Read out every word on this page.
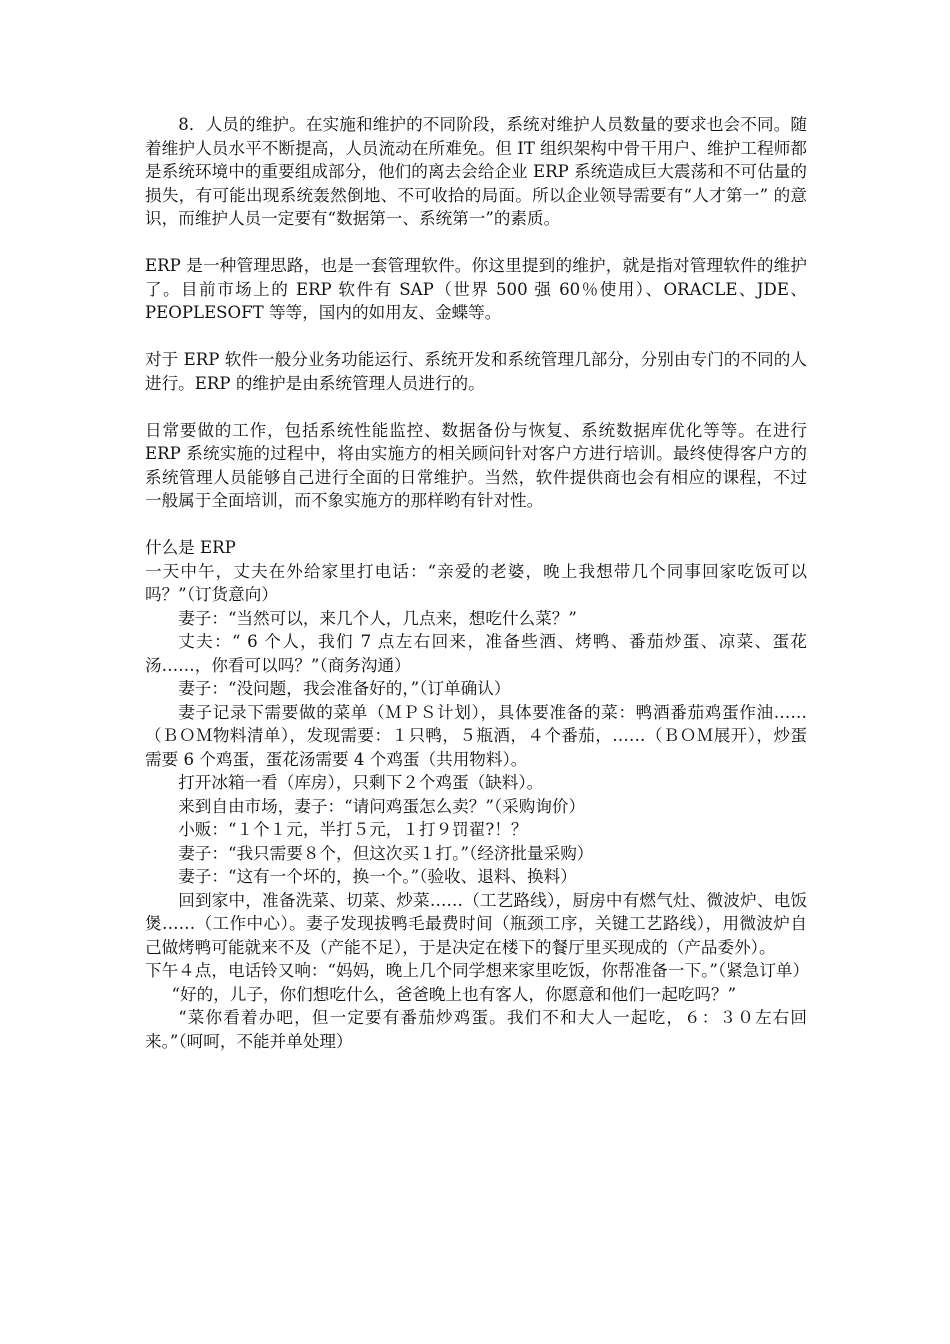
8．人员的维护。在实施和维护的不同阶段，系统对维护人员数量的要求也会不同。随着维护人员水平不断提高，人员流动在所难免。但 IT 组织架构中骨干用户、维护工程师都是系统环境中的重要组成部分，他们的离去会给企业 ERP 系统造成巨大震荡和不可估量的损失，有可能出现系统轰然倒地、不可收拾的局面。所以企业领导需要有“人才第一” 的意识，而维护人员一定要有“数据第一、系统第一”的素质。

ERP 是一种管理思路，也是一套管理软件。你这里提到的维护，就是指对管理软件的维护了。目前市场上的 ERP 软件有 SAP（世界 500 强 60％使用）、ORACLE、JDE、PEOPLESOFT 等等，国内的如用友、金蝶等。

对于 ERP 软件一般分业务功能运行、系统开发和系统管理几部分，分别由专门的不同的人进行。ERP 的维护是由系统管理人员进行的。

日常要做的工作，包括系统性能监控、数据备份与恢复、系统数据库优化等等。在进行 ERP 系统实施的过程中，将由实施方的相关顾问针对客户方进行培训。最终使得客户方的系统管理人员能够自己进行全面的日常维护。当然，软件提供商也会有相应的课程，不过一般属于全面培训，而不象实施方的那样哟有针对性。

什么是 ERP

一天中午，丈夫在外给家里打电话：“亲爱的老婆，晚上我想带几个同事回家吃饭可以吗？”（订货意向）

妻子：“当然可以，来几个人，几点来，想吃什么菜？”

丈夫：“ 6 个人，我们 7 点左右回来，准备些酒、烤鸭、番茄炒蛋、凉菜、蛋花汤……，你看可以吗？”（商务沟通）

妻子：“没问题，我会准备好的，”（订单确认）

妻子记录下需要做的菜单（ＭＰＳ计划），具体要准备的菜：鸭酒番茄鸡蛋作油……（ＢＯＭ物料清单），发现需要：１只鸭，５瓶酒，４个番茄，……（ＢＯＭ展开），炒蛋需要 6 个鸡蛋，蛋花汤需要 4 个鸡蛋（共用物料）。

打开冰箱一看（库房），只剩下２个鸡蛋（缺料）。

来到自由市场，妻子：“请问鸡蛋怎么卖？”（采购询价）

小贩：“１个１元，半打５元，１打９罚翟?！？

妻子：“我只需要８个，但这次买１打。”（经济批量采购）

妻子：“这有一个坏的，换一个。”（验收、退料、换料）

回到家中，准备洗菜、切菜、炒菜……（工艺路线），厨房中有燃气灶、微波炉、电饭煲……（工作中心）。妻子发现拔鸭毛最费时间（瓶颈工序，关键工艺路线），用微波炉自己做烤鸭可能就来不及（产能不足），于是决定在楼下的餐厅里买现成的（产品委外）。

下午４点，电话铃又响：“妈妈，晚上几个同学想来家里吃饭，你帮准备一下。”（紧急订单）

“好的，儿子，你们想吃什么，爸爸晚上也有客人，你愿意和他们一起吃吗？”

“菜你看着办吧，但一定要有番茄炒鸡蛋。我们不和大人一起吃，６：３０左右回来。”（呵呵，不能并单处理）
